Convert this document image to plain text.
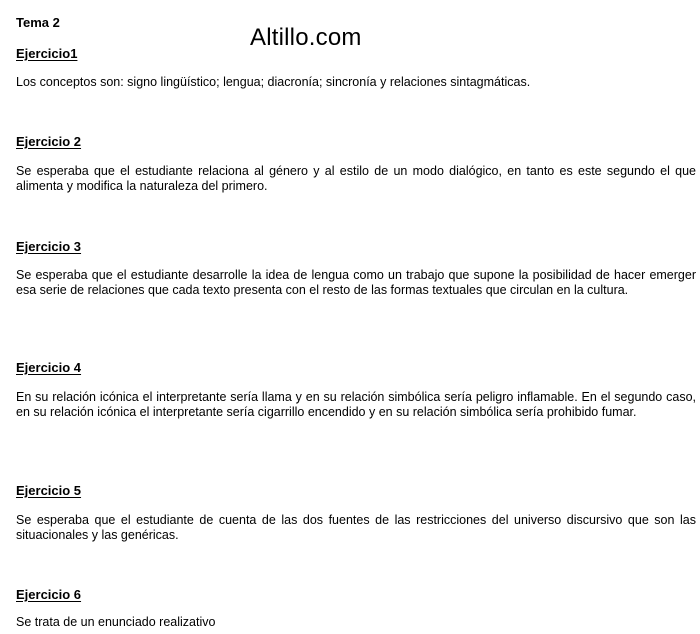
Tema 2
Altillo.com
Ejercicio1

Los conceptos son: signo lingüístico; lengua; diacronía; sincronía y relaciones sintagmáticas.

Ejercicio 2

Se esperaba que el estudiante relaciona al género y al estilo de un modo dialógico, en tanto es este segundo el que alimenta y modifica la naturaleza del primero.

Ejercicio 3

Se esperaba que el estudiante desarrolle la idea de lengua como un trabajo que supone la posibilidad de hacer emerger esa serie de relaciones que cada texto presenta con el resto de las formas textuales que circulan en la cultura.

Ejercicio 4

En su relación icónica el interpretante sería llama y en su relación simbólica sería peligro inflamable. En el segundo caso, en su relación icónica el interpretante sería cigarrillo encendido y en su relación simbólica sería prohibido fumar.

Ejercicio 5

Se esperaba que el estudiante de cuenta de las dos fuentes de las restricciones del universo discursivo que son las situacionales y las genéricas.

Ejercicio 6

Se trata de un enunciado realizativo
